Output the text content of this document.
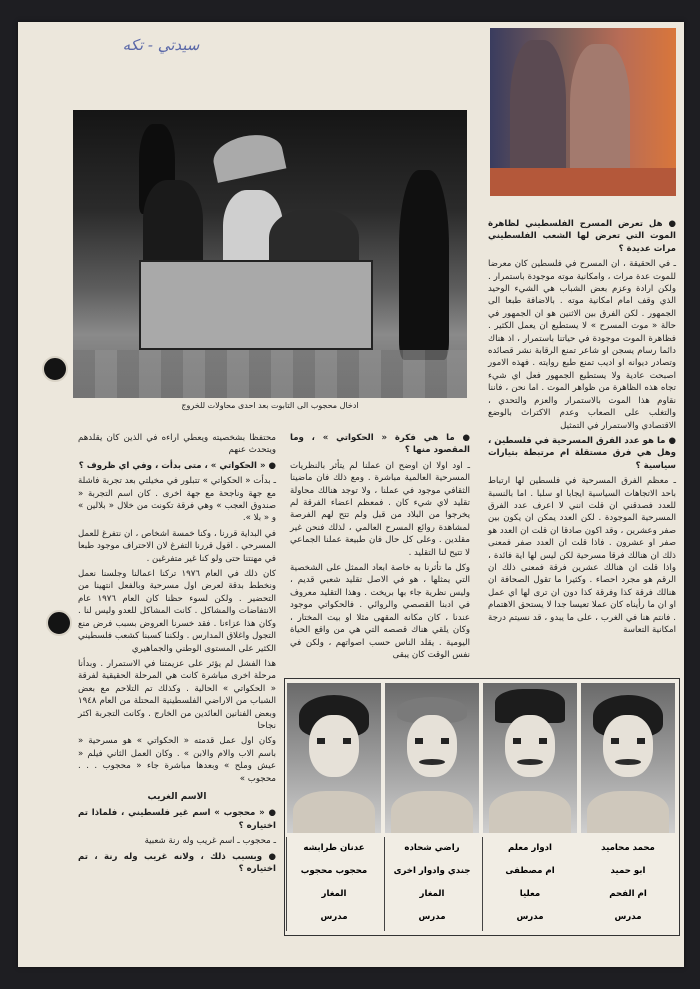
سيدتي - تكه
ادخال محجوب الى التابوت بعد احدى محاولات للخروج

● هل تعرض المسرح الفلسطيني لظاهرة الموت التي تعرض لها الشعب الفلسطيني مرات عديدة ؟

ـ في الحقيقة ، ان المسرح في فلسطين كان معرضا للموت عدة مرات ، وامكانية موته موجودة باستمرار . ولكن ارادة وعزم بعض الشباب هي الشيء الوحيد الذي وقف امام امكانية موته . بالاضافة طبعا الى الجمهور . لكن الفرق بين الاثنين هو ان الجمهور في حالة « موت المسرح » لا يستطيع ان يعمل الكثير . فظاهرة الموت موجودة في حياتنا باستمرار ، اذ هناك دائما رسام يسجن او شاعر تمنع الرقابة نشر قصائده وتصادر ديوانه او اديب تمنع طبع روايته . فهذه الامور اصبحت عادية ولا يستطيع الجمهور فعل اي شيء تجاه هذه الظاهرة من ظواهر الموت . اما نحن ، فاننا نقاوم هذا الموت بالاستمرار والعزم والتحدي ، والتغلب على الصعاب وعدم الاكتراث بالوضع الاقتصادي والاستمرار في التمثيل

● ما هو عدد الفرق المسرحية في فلسطين ، وهل هي فرق مستقلة ام مرتبطة بتيارات سياسية ؟

ـ معظم الفرق المسرحية في فلسطين لها ارتباط باحد الاتجاهات السياسية ايجابا او سلبا . اما بالنسبة للعدد فصدقني ان قلت انني لا اعرف عدد الفرق المسرحية الموجودة . لكن العدد يمكن ان يكون بين صفر وعشرين ، وقد اكون صادقا ان قلت ان العدد هو صفر او عشرون . فاذا قلت ان العدد صفر فمعنى ذلك ان هنالك فرقا مسرحية لكن ليس لها اية فائدة ، واذا قلت ان هنالك عشرين فرقة فمعنى ذلك ان الرقم هو مجرد احصاء . وكثيرا ما تقول الصحافة ان هنالك فرقة كذا وفرقة كذا دون ان ترى لها اي عمل او ان ما رأيناه كان عملا تعيسا جدا لا يستحق الاهتمام . فانتم هنا في الغرب ، على ما يبدو ، قد نسيتم درجة امكانية التعاسة

● ما هي فكرة « الحكواتي » ، وما المقصود منها ؟

ـ اود اولا ان اوضح ان عملنا لم يتأثر بالنظريات المسرحية العالمية مباشرة . ومع ذلك فان ماضينا الثقافي موجود في عملنا ، ولا توجد هنالك محاولة تقليد لاي شيء كان . فمعظم اعضاء الفرقة لم يخرجوا من البلاد من قبل ولم تتح لهم الفرصة لمشاهدة روائع المسرح العالمي ، لذلك فنحن غير مقلدين . وعلى كل حال فان طبيعة عملنا الجماعي لا تتيح لنا التقليد .

وكل ما تأثرنا به خاصة ابعاد الممثل على الشخصية التي يمثلها ، هو في الاصل تقليد شعبي قديم ، وليس نظرية جاء بها بريخت . وهذا التقليد معروف في ادبنا القصصي والروائي . فالحكواتي موجود عندنا ، كان مكانه المقهى مثلا او بيت المختار ، وكان يلقي هناك قصصه التي هي من واقع الحياة اليومية . يقلد الناس حسب اصواتهم ، ولكن في نفس الوقت كان يبقى

محتفظا بشخصيته ويعطي اراءه في الذين كان يقلدهم ويتحدث عنهم

● « الحكواتي » ، متى بدأت ، وفي اي ظروف ؟

ـ بدأت « الحكواتي » تتبلور في مخيلتي بعد تجربة فاشلة مع جهة وناجحة مع جهة اخرى . كان اسم التجربة « صندوق العجب » وهي فرقة تكونت من خلال « بلالين » و « بلا ».

في البداية قررنا ، وكنا خمسة اشخاص ، ان نتفرغ للعمل المسرحي . اقول قررنا التفرغ لان الاحتراف موجود طبعا في مهنتنا حتى ولو كنا غير متفرغين .

كان ذلك في العام ١٩٧٦ تركنا اعمالنا وجلسنا نعمل ونخطط بدقة لعرض اول مسرحية وبالفعل انتهينا من التحضير . ولكن لسوء حظنا كان العام ١٩٧٦ عام الانتفاضات والمشاكل . كانت المشاكل للعدو وليس لنا . وكان هذا عزاءنا . فقد خسرنا العروض بسبب فرض منع التجول واغلاق المدارس . ولكننا كسبنا كشعب فلسطيني الكثير على المستوى الوطني والجماهيري

هذا الفشل لم يؤثر على عزيمتنا في الاستمرار . وبدأنا مرحلة اخرى مباشرة كانت هي المرحلة الحقيقية لفرقة « الحكواتي » الحالية . وكذلك تم التلاحم مع بعض الشباب من الاراضي الفلسطينية المحتلة من العام ١٩٤٨ وبعض الفنانين العائدين من الخارج . وكانت التجربة اكثر نجاحا

وكان اول عمل قدمته « الحكواتي » هو مسرحية « باسم الاب والام والابن » . وكان العمل الثاني فيلم « عيش وملح » وبعدها مباشرة جاء « محجوب . . . محجوب »

الاسم الغريب

● « محجوب » اسم غير فلسطيني ، فلماذا تم اختياره ؟

ـ محجوب ـ اسم غريب وله رنة شعبية

● وبسبب ذلك ، ولانه غريب وله رنة ، تم اختياره ؟

محمد محاميد
ابو حميد
ام الفحم
مدرس
ادوار معلم
ام مصطفى
معليا
مدرس
راضي شحاده
جندي وادوار اخرى
المغار
مدرس
عدنان طرابشه
محجوب محجوب
المغار
مدرس
